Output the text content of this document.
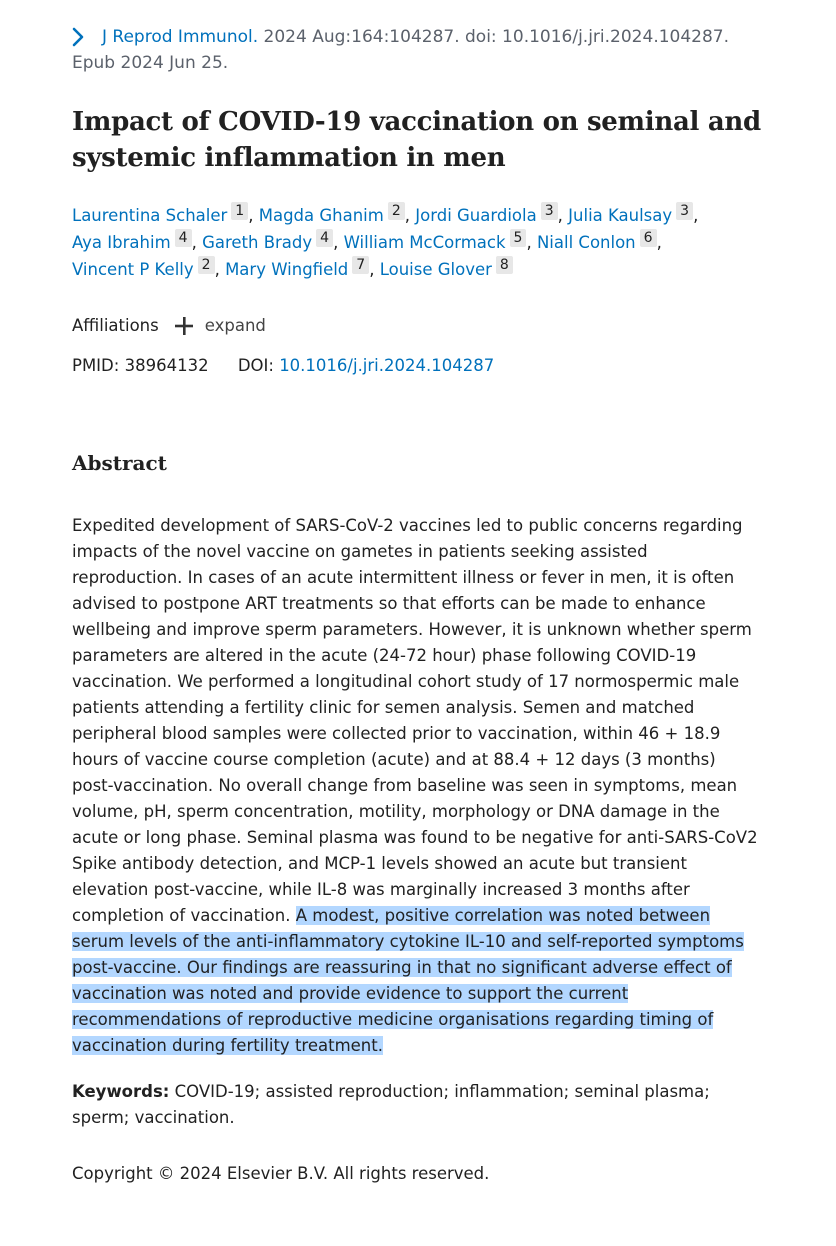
J Reprod Immunol. 2024 Aug:164:104287. doi: 10.1016/j.jri.2024.104287.
Epub 2024 Jun 25.
Impact of COVID-19 vaccination on seminal and systemic inflammation in men
Laurentina Schaler 1 , Magda Ghanim 2 , Jordi Guardiola 3 , Julia Kaulsay 3 , Aya Ibrahim 4 , Gareth Brady 4 , William McCormack 5 , Niall Conlon 6 , Vincent P Kelly 2 , Mary Wingfield 7 , Louise Glover 8
Affiliations	expand
PMID: 38964132 DOI: 10.1016/j.jri.2024.104287
Abstract
Expedited development of SARS-CoV-2 vaccines led to public concerns regarding impacts of the novel vaccine on gametes in patients seeking assisted reproduction. In cases of an acute intermittent illness or fever in men, it is often advised to postpone ART treatments so that efforts can be made to enhance wellbeing and improve sperm parameters. However, it is unknown whether sperm parameters are altered in the acute (24-72 hour) phase following COVID-19 vaccination. We performed a longitudinal cohort study of 17 normospermic male patients attending a fertility clinic for semen analysis. Semen and matched peripheral blood samples were collected prior to vaccination, within 46 + 18.9 hours of vaccine course completion (acute) and at 88.4 + 12 days (3 months) post-vaccination. No overall change from baseline was seen in symptoms, mean volume, pH, sperm concentration, motility, morphology or DNA damage in the acute or long phase. Seminal plasma was found to be negative for anti-SARS-CoV2 Spike antibody detection, and MCP-1 levels showed an acute but transient elevation post-vaccine, while IL-8 was marginally increased 3 months after completion of vaccination. A modest, positive correlation was noted between serum levels of the anti-inflammatory cytokine IL-10 and self-reported symptoms post-vaccine. Our findings are reassuring in that no significant adverse effect of vaccination was noted and provide evidence to support the current recommendations of reproductive medicine organisations regarding timing of vaccination during fertility treatment.
Keywords: COVID-19; assisted reproduction; inflammation; seminal plasma; sperm; vaccination.
Copyright © 2024 Elsevier B.V. All rights reserved.
